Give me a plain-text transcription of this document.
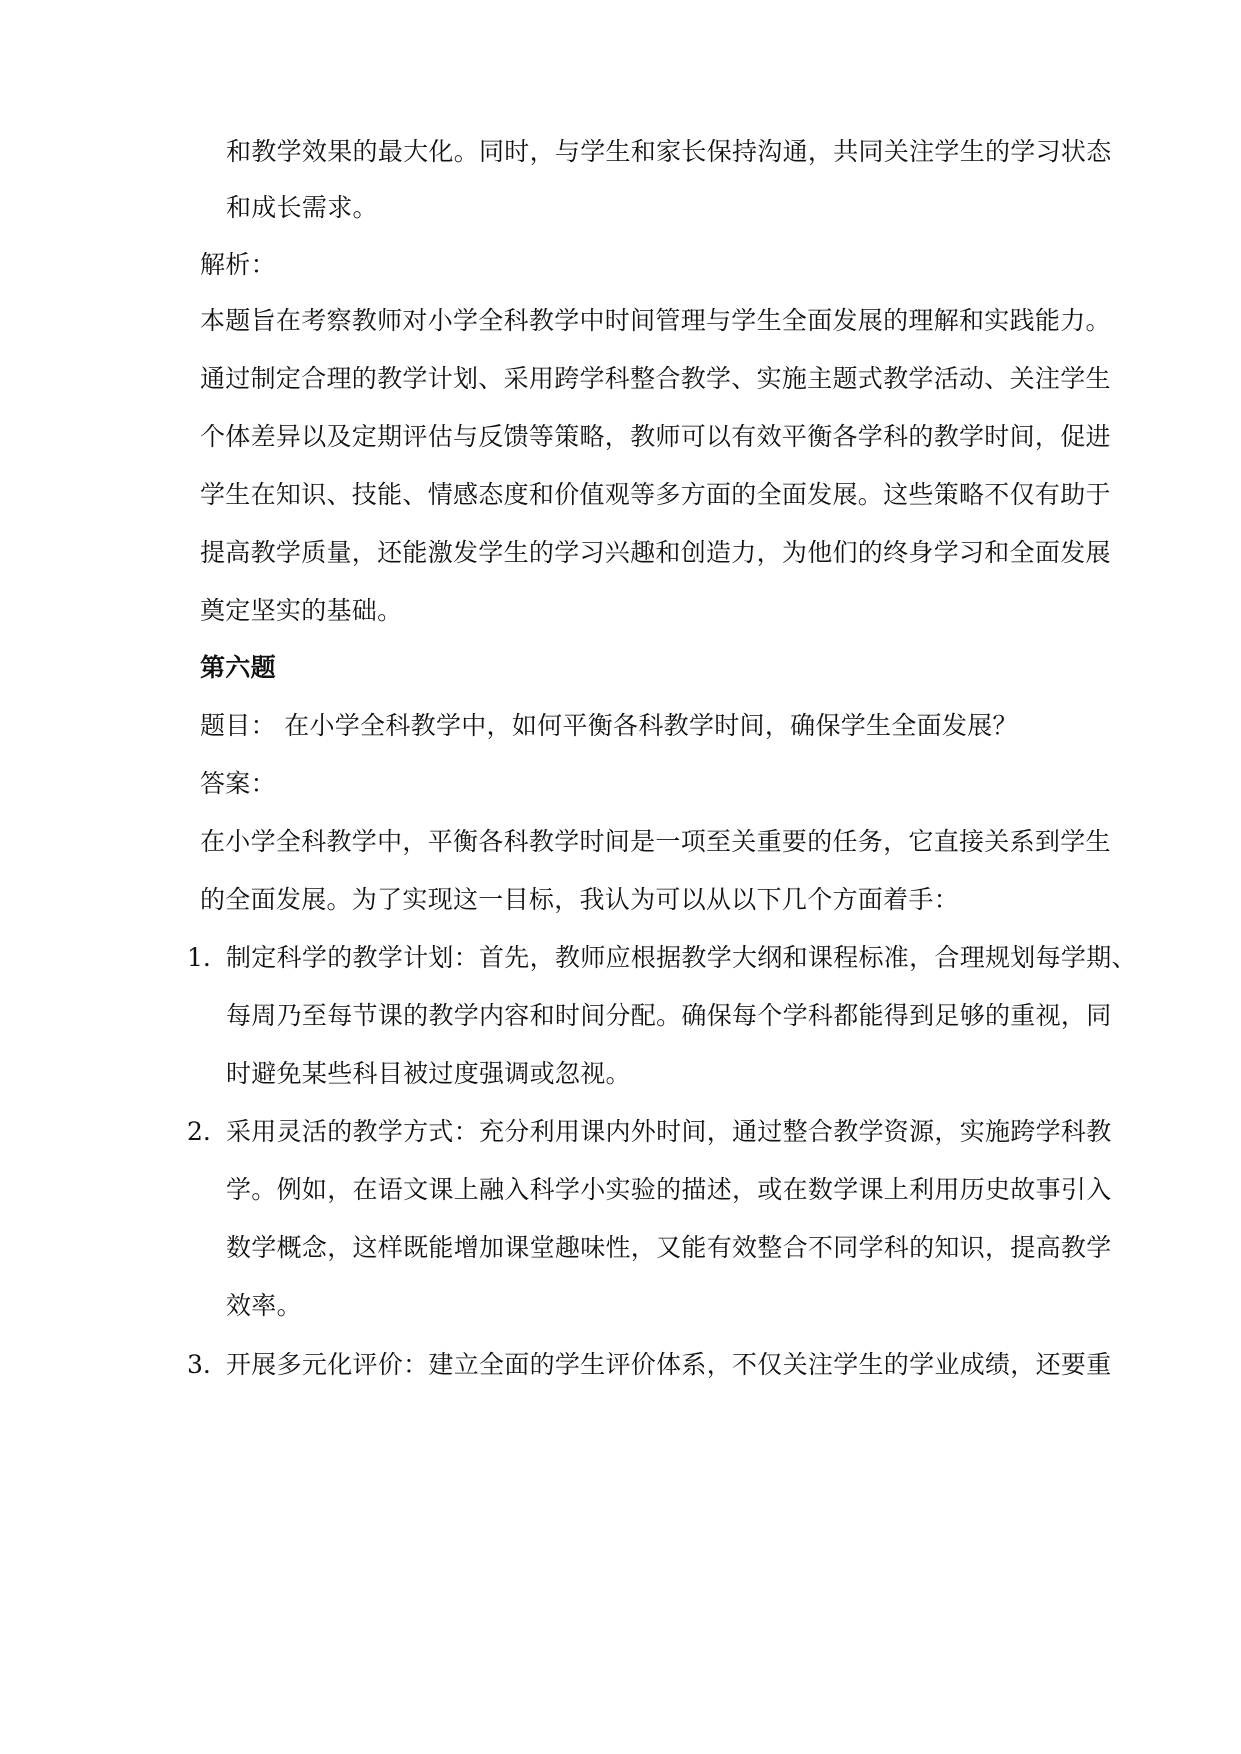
和教学效果的最大化。同时，与学生和家长保持沟通，共同关注学生的学习状态
和成长需求。
解析：
本题旨在考察教师对小学全科教学中时间管理与学生全面发展的理解和实践能力。
通过制定合理的教学计划、采用跨学科整合教学、实施主题式教学活动、关注学生
个体差异以及定期评估与反馈等策略，教师可以有效平衡各学科的教学时间，促进
学生在知识、技能、情感态度和价值观等多方面的全面发展。这些策略不仅有助于
提高教学质量，还能激发学生的学习兴趣和创造力，为他们的终身学习和全面发展
奠定坚实的基础。
第六题
题目： 在小学全科教学中，如何平衡各科教学时间，确保学生全面发展？
答案：
在小学全科教学中，平衡各科教学时间是一项至关重要的任务，它直接关系到学生
的全面发展。为了实现这一目标，我认为可以从以下几个方面着手：
1. 制定科学的教学计划：首先，教师应根据教学大纲和课程标准，合理规划每学期、
每周乃至每节课的教学内容和时间分配。确保每个学科都能得到足够的重视，同
时避免某些科目被过度强调或忽视。
2. 采用灵活的教学方式：充分利用课内外时间，通过整合教学资源，实施跨学科教
学。例如，在语文课上融入科学小实验的描述，或在数学课上利用历史故事引入
数学概念，这样既能增加课堂趣味性，又能有效整合不同学科的知识，提高教学
效率。
3. 开展多元化评价：建立全面的学生评价体系，不仅关注学生的学业成绩，还要重
